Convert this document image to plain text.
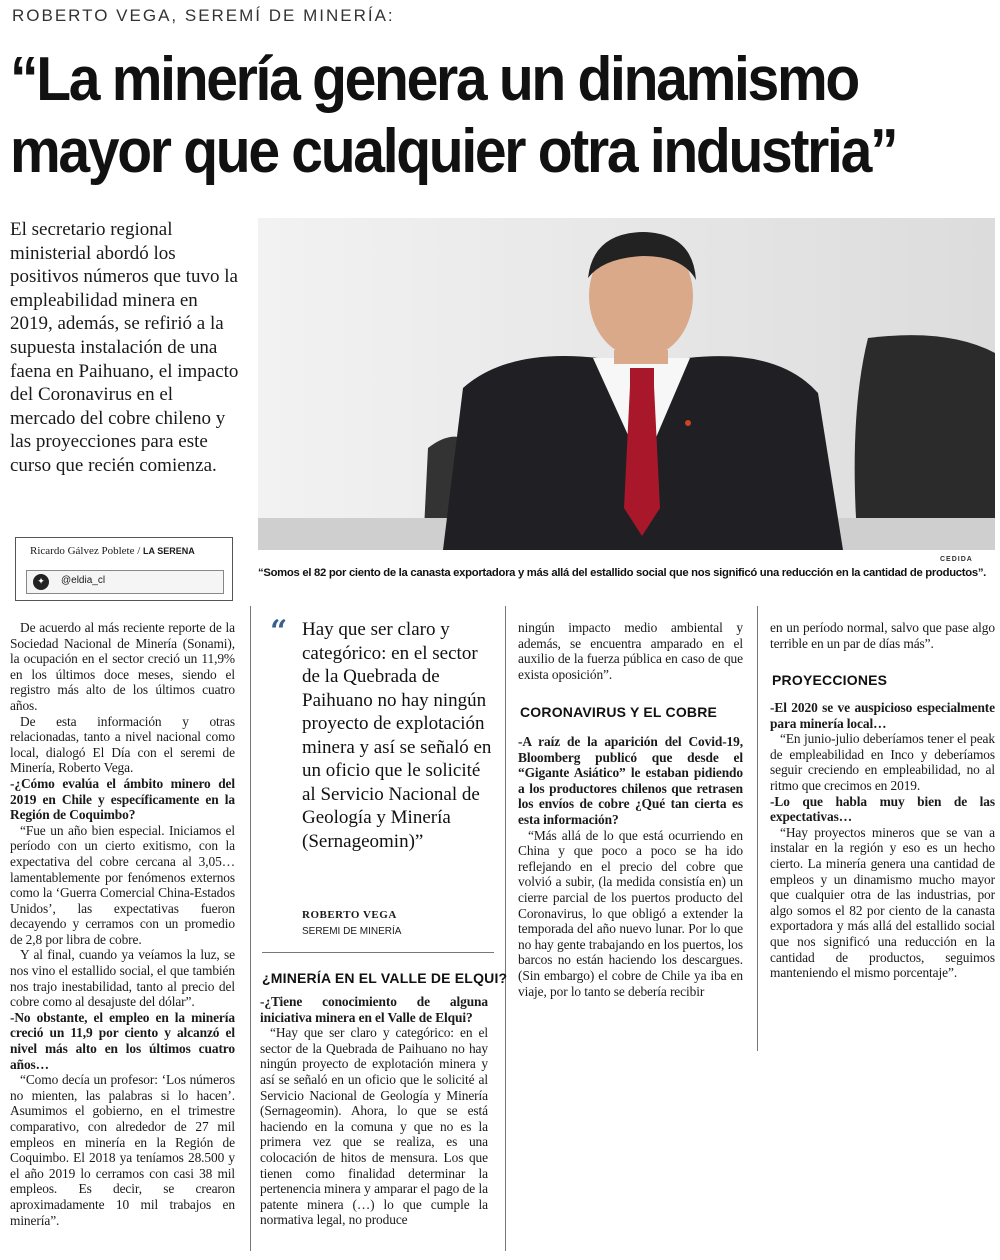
ROBERTO VEGA, SEREMÍ DE MINERÍA:
“La minería genera un dinamismo mayor que cualquier otra industria”
El secretario regional ministerial abordó los positivos números que tuvo la empleabilidad minera en 2019, además, se refirió a la supuesta instalación de una faena en Paihuano, el impacto del Coronavirus en el mercado del cobre chileno y las proyecciones para este curso que recién comienza.
CEDIDA
“Somos el 82 por ciento de la canasta exportadora y más allá del estallido social que nos significó una reducción en la cantidad de productos”.
Ricardo Gálvez Poblete / LA SERENA
✦	@eldia_cl

De acuerdo al más reciente reporte de la Sociedad Nacional de Minería (Sonami), la ocupación en el sector creció un 11,9% en los últimos doce meses, siendo el registro más alto de los últimos cuatro años.

De esta información y otras relacionadas, tanto a nivel nacional como local, dialogó El Día con el seremi de Minería, Roberto Vega.

-¿Cómo evalúa el ámbito minero del 2019 en Chile y específicamente en la Región de Coquimbo?

“Fue un año bien especial. Iniciamos el período con un cierto exitismo, con la expectativa del cobre cercana al 3,05… lamentablemente por fenómenos externos como la ‘Guerra Comercial China-Estados Unidos’, las expectativas fueron decayendo y cerramos con un promedio de 2,8 por libra de cobre.

Y al final, cuando ya veíamos la luz, se nos vino el estallido social, el que también nos trajo inestabilidad, tanto al precio del cobre como al desajuste del dólar”.

-No obstante, el empleo en la minería creció un 11,9 por ciento y alcanzó el nivel más alto en los últimos cuatro años…

“Como decía un profesor: ‘Los números no mienten, las palabras si lo hacen’. Asumimos el gobierno, en el trimestre comparativo, con alrededor de 27 mil empleos en minería en la Región de Coquimbo. El 2018 ya teníamos 28.500 y el año 2019 lo cerramos con casi 38 mil empleos. Es decir, se crearon aproximadamente 10 mil trabajos en minería”.

“ Hay que ser claro y categórico: en el sector de la Quebrada de Paihuano no hay ningún proyecto de explotación minera y así se señaló en un oficio que le solicité al Servicio Nacional de Geología y Minería (Sernageomin)”
ROBERTO VEGA
SEREMI DE MINERÍA
¿MINERÍA EN EL VALLE DE ELQUI?

-¿Tiene conocimiento de alguna iniciativa minera en el Valle de Elqui?

“Hay que ser claro y categórico: en el sector de la Quebrada de Paihuano no hay ningún proyecto de explotación minera y así se señaló en un oficio que le solicité al Servicio Nacional de Geología y Minería (Sernageomin). Ahora, lo que se está haciendo en la comuna y que no es la primera vez que se realiza, es una colocación de hitos de mensura. Los que tienen como finalidad determinar la pertenencia minera y amparar el pago de la patente minera (…) lo que cumple la normativa legal, no produce

ningún impacto medio ambiental y además, se encuentra amparado en el auxilio de la fuerza pública en caso de que exista oposición”.

CORONAVIRUS Y EL COBRE

-A raíz de la aparición del Covid-19, Bloomberg publicó que desde el “Gigante Asiático” le estaban pidiendo a los productores chilenos que retrasen los envíos de cobre ¿Qué tan cierta es esta información?

“Más allá de lo que está ocurriendo en China y que poco a poco se ha ido reflejando en el precio del cobre que volvió a subir, (la medida consistía en) un cierre parcial de los puertos producto del Coronavirus, lo que obligó a extender la temporada del año nuevo lunar. Por lo que no hay gente trabajando en los puertos, los barcos no están haciendo los descargues. (Sin embargo) el cobre de Chile ya iba en viaje, por lo tanto se debería recibir

en un período normal, salvo que pase algo terrible en un par de días más”.

PROYECCIONES

-El 2020 se ve auspicioso especialmente para minería local…

“En junio-julio deberíamos tener el peak de empleabilidad en Inco y deberíamos seguir creciendo en empleabilidad, no al ritmo que crecimos en 2019.

-Lo que habla muy bien de las expectativas…

“Hay proyectos mineros que se van a instalar en la región y eso es un hecho cierto. La minería genera una cantidad de empleos y un dinamismo mucho mayor que cualquier otra de las industrias, por algo somos el 82 por ciento de la canasta exportadora y más allá del estallido social que nos significó una reducción en la cantidad de productos, seguimos manteniendo el mismo porcentaje”.
